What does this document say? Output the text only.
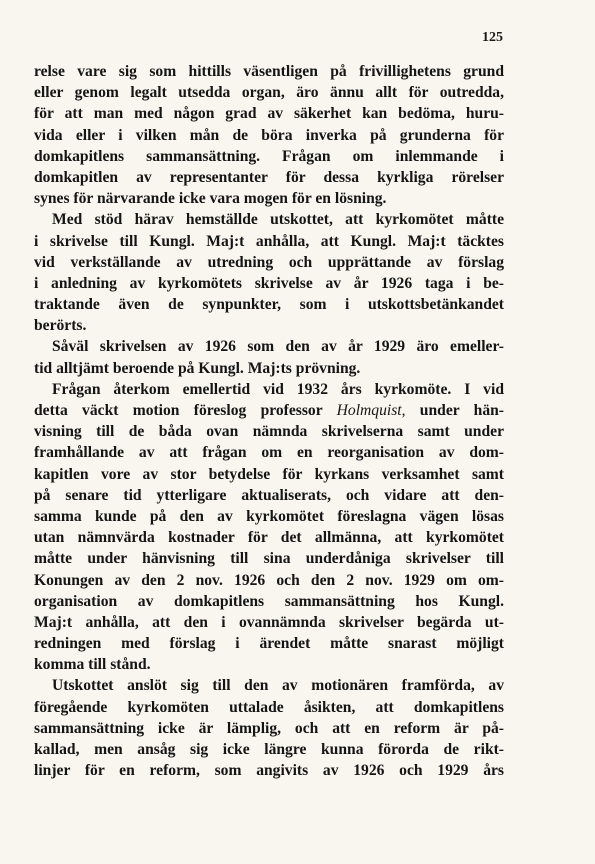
125
relse vare sig som hittills väsentligen på frivillighetens grund
eller genom legalt utsedda organ, äro ännu allt för outredda,
för att man med någon grad av säkerhet kan bedöma, huru-
vida eller i vilken mån de böra inverka på grunderna för
domkapitlens sammansättning. Frågan om inlemmande i
domkapitlen av representanter för dessa kyrkliga rörelser
synes för närvarande icke vara mogen för en lösning.
Med stöd härav hemställde utskottet, att kyrkomötet måtte
i skrivelse till Kungl. Maj:t anhålla, att Kungl. Maj:t täcktes
vid verkställande av utredning och upprättande av förslag
i anledning av kyrkomötets skrivelse av år 1926 taga i be-
traktande även de synpunkter, som i utskottsbetänkandet
berörts.
Såväl skrivelsen av 1926 som den av år 1929 äro emeller-
tid alltjämt beroende på Kungl. Maj:ts prövning.
Frågan återkom emellertid vid 1932 års kyrkomöte. I vid
detta väckt motion föreslog professor Holmquist, under hän-
visning till de båda ovan nämnda skrivelserna samt under
framhållande av att frågan om en reorganisation av dom-
kapitlen vore av stor betydelse för kyrkans verksamhet samt
på senare tid ytterligare aktualiserats, och vidare att den-
samma kunde på den av kyrkomötet föreslagna vägen lösas
utan nämnvärda kostnader för det allmänna, att kyrkomötet
måtte under hänvisning till sina underdåniga skrivelser till
Konungen av den 2 nov. 1926 och den 2 nov. 1929 om om-
organisation av domkapitlens sammansättning hos Kungl.
Maj:t anhålla, att den i ovannämnda skrivelser begärda ut-
redningen med förslag i ärendet måtte snarast möjligt
komma till stånd.
Utskottet anslöt sig till den av motionären framförda, av
föregående kyrkomöten uttalade åsikten, att domkapitlens
sammansättning icke är lämplig, och att en reform är på-
kallad, men ansåg sig icke längre kunna förorda de rikt-
linjer för en reform, som angivits av 1926 och 1929 års
